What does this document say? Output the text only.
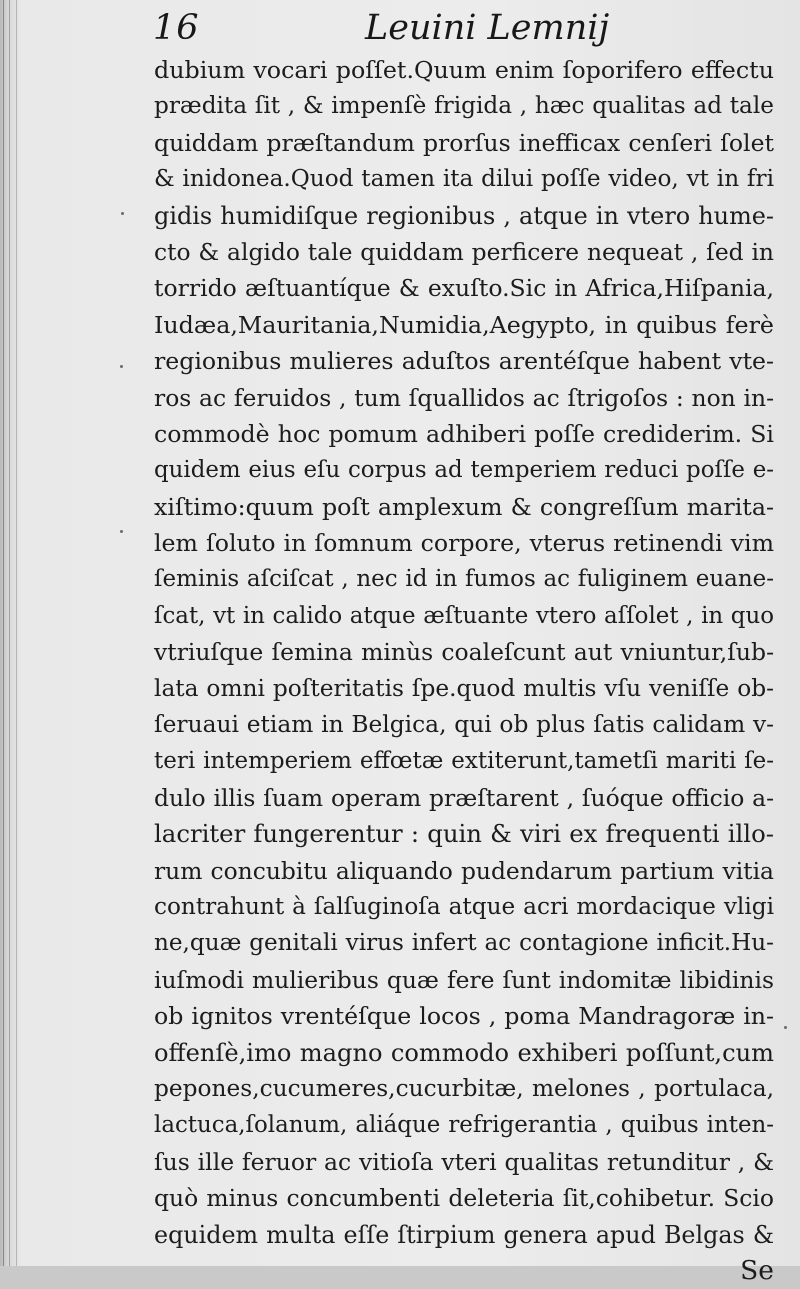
16	Leuini Lemnij
dubium vocari poſſet.Quum enim ſoporifero effectu
prædita ſit , & impenſè frigida , hæc qualitas ad tale
quiddam præſtandum prorſus inefficax cenſeri ſolet
& inidonea.Quod tamen ita dilui poſſe video, vt in fri
gidis humidiſque regionibus , atque in vtero hume-
cto & algido tale quiddam perficere nequeat , ſed in
torrido æſtuantíque & exuſto.Sic in Africa,Hiſpania,
Iudæa,Mauritania,Numidia,Aegypto, in quibus ferè
regionibus mulieres aduſtos arentéſque habent vte-
ros ac feruidos , tum ſquallidos ac ſtrigoſos : non in-
commodè hoc pomum adhiberi poſſe crediderim. Si
quidem eius eſu corpus ad temperiem reduci poſſe e-
xiſtimo:quum poſt amplexum & congreſſum marita-
lem ſoluto in ſomnum corpore, vterus retinendi vim
ſeminis aſciſcat , nec id in fumos ac fuliginem euane-
ſcat, vt in calido atque æſtuante vtero aſſolet , in quo
vtriuſque ſemina minùs coaleſcunt aut vniuntur,ſub-
lata omni poſteritatis ſpe.quod multis vſu veniſſe ob-
ſeruaui etiam in Belgica, qui ob plus ſatis calidam v-
teri intemperiem effœtæ extiterunt,tametſi mariti ſe-
dulo illis ſuam operam præſtarent , ſuóque officio a-
lacriter fungerentur : quin & viri ex frequenti illo-
rum concubitu aliquando pudendarum partium vitia
contrahunt à ſalſuginoſa atque acri mordacique vligi
ne,quæ genitali virus infert ac contagione inficit.Hu-
iuſmodi mulieribus quæ fere ſunt indomitæ libidinis
ob ignitos vrentéſque locos , poma Mandragoræ in-
offenſè,imo magno commodo exhiberi poſſunt,cum
pepones,cucumeres,cucurbitæ, melones , portulaca,
lactuca,ſolanum, aliáque refrigerantia , quibus inten-
ſus ille feruor ac vitioſa vteri qualitas retunditur , &
quò minus concumbenti deleteria ſit,cohibetur. Scio
equidem multa eſſe ſtirpium genera apud Belgas &
Se
